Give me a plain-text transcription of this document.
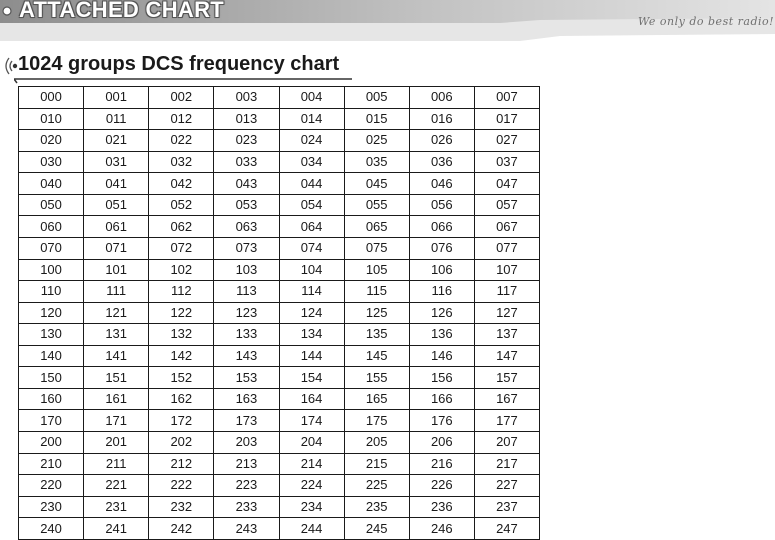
ATTACHED CHART	We only do best radio!
1024 groups DCS frequency chart
000	001	002	003	004	005	006	007
010	011	012	013	014	015	016	017
020	021	022	023	024	025	026	027
030	031	032	033	034	035	036	037
040	041	042	043	044	045	046	047
050	051	052	053	054	055	056	057
060	061	062	063	064	065	066	067
070	071	072	073	074	075	076	077
100	101	102	103	104	105	106	107
110	111	112	113	114	115	116	117
120	121	122	123	124	125	126	127
130	131	132	133	134	135	136	137
140	141	142	143	144	145	146	147
150	151	152	153	154	155	156	157
160	161	162	163	164	165	166	167
170	171	172	173	174	175	176	177
200	201	202	203	204	205	206	207
210	211	212	213	214	215	216	217
220	221	222	223	224	225	226	227
230	231	232	233	234	235	236	237
240	241	242	243	244	245	246	247
